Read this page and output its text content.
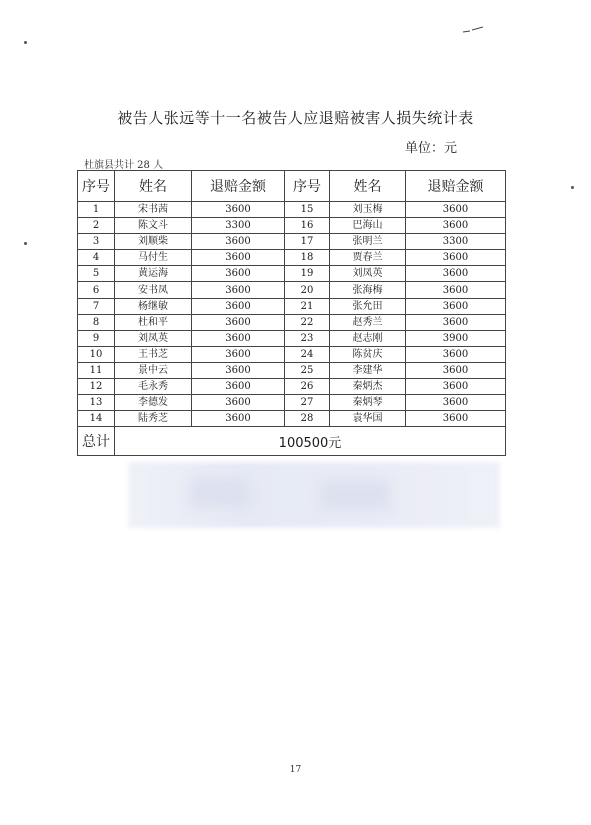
被告人张远等十一名被告人应退赔被害人损失统计表
单位：元
杜旗县共计 28 人
序号	姓名	退赔金额	序号	姓名	退赔金额
1	宋书茜	3600	15	刘玉梅	3600
2	陈文斗	3300	16	巴海山	3600
3	刘顺柴	3600	17	张明兰	3300
4	马付生	3600	18	贾春兰	3600
5	黄运海	3600	19	刘凤英	3600
6	安书凤	3600	20	张海梅	3600
7	杨继敏	3600	21	张允田	3600
8	杜和平	3600	22	赵秀兰	3600
9	刘凤英	3600	23	赵志刚	3900
10	王书芝	3600	24	陈贫庆	3600
11	景中云	3600	25	李建华	3600
12	毛永秀	3600	26	秦炳杰	3600
13	李德发	3600	27	秦炳琴	3600
14	陆秀芝	3600	28	袁华国	3600
总计	100500元				
17
